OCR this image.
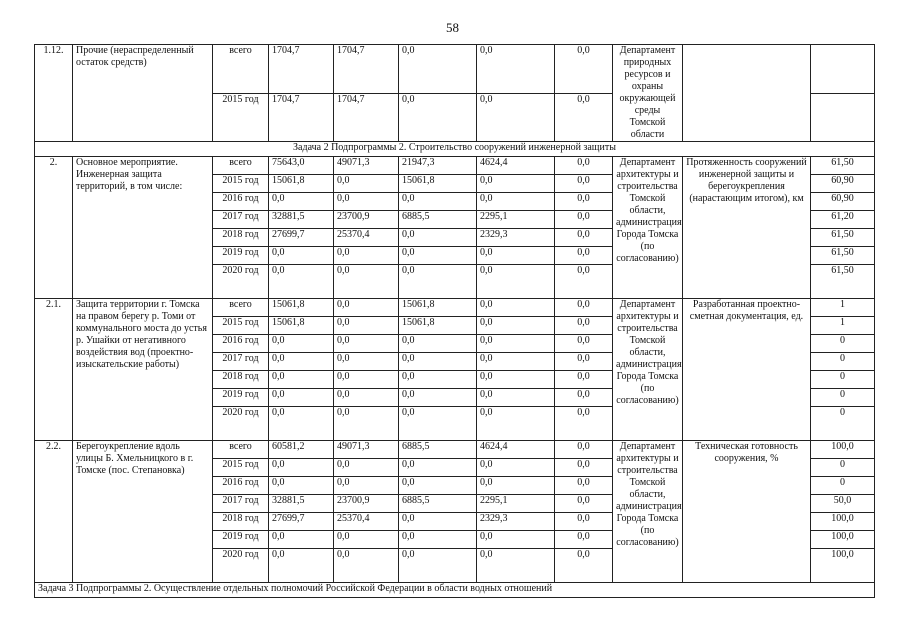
58
1.12.	Прочие (нераспределенный остаток средств)	всего	1704,7	1704,7	0,0	0,0	0,0	Департамент природных ресурсов и охраны окружающей среды Томской области		
		2015 год	1704,7	1704,7	0,0	0,0	0,0			
Задача 2 Подпрограммы 2. Строительство сооружений инженерной защиты										
2.	Основное мероприятие. Инженерная защита территорий, в том числе:	всего	75643,0	49071,3	21947,3	4624,4	0,0	Департамент архитектуры и строительства Томской области, администрация Города Томска (по согласованию)	Протяженность сооружений инженерной защиты и берегоукрепления (нарастающим итогом), км	61,50
		2015 год	15061,8	0,0	15061,8	0,0	0,0			60,90
		2016 год	0,0	0,0	0,0	0,0	0,0			60,90
		2017 год	32881,5	23700,9	6885,5	2295,1	0,0			61,20
		2018 год	27699,7	25370,4	0,0	2329,3	0,0			61,50
		2019 год	0,0	0,0	0,0	0,0	0,0			61,50
		2020 год	0,0	0,0	0,0	0,0	0,0			61,50
2.1.	Защита территории г. Томска на правом берегу р. Томи от коммунального моста до устья р. Ушайки от негативного воздействия вод (проектно-изыскательские работы)	всего	15061,8	0,0	15061,8	0,0	0,0	Департамент архитектуры и строительства Томской области, администрация Города Томска (по согласованию)	Разработанная проектно-сметная документация, ед.	1
		2015 год	15061,8	0,0	15061,8	0,0	0,0			1
		2016 год	0,0	0,0	0,0	0,0	0,0			0
		2017 год	0,0	0,0	0,0	0,0	0,0			0
		2018 год	0,0	0,0	0,0	0,0	0,0			0
		2019 год	0,0	0,0	0,0	0,0	0,0			0
		2020 год	0,0	0,0	0,0	0,0	0,0			0
2.2.	Берегоукрепление вдоль улицы Б. Хмельницкого в г. Томске (пос. Степановка)	всего	60581,2	49071,3	6885,5	4624,4	0,0	Департамент архитектуры и строительства Томской области, администрация Города Томска (по согласованию)	Техническая готовность сооружения, %	100,0
		2015 год	0,0	0,0	0,0	0,0	0,0			0
		2016 год	0,0	0,0	0,0	0,0	0,0			0
		2017 год	32881,5	23700,9	6885,5	2295,1	0,0			50,0
		2018 год	27699,7	25370,4	0,0	2329,3	0,0			100,0
		2019 год	0,0	0,0	0,0	0,0	0,0			100,0
		2020 год	0,0	0,0	0,0	0,0	0,0			100,0
Задача 3 Подпрограммы 2. Осуществление отдельных полномочий Российской Федерации в области водных отношений										
